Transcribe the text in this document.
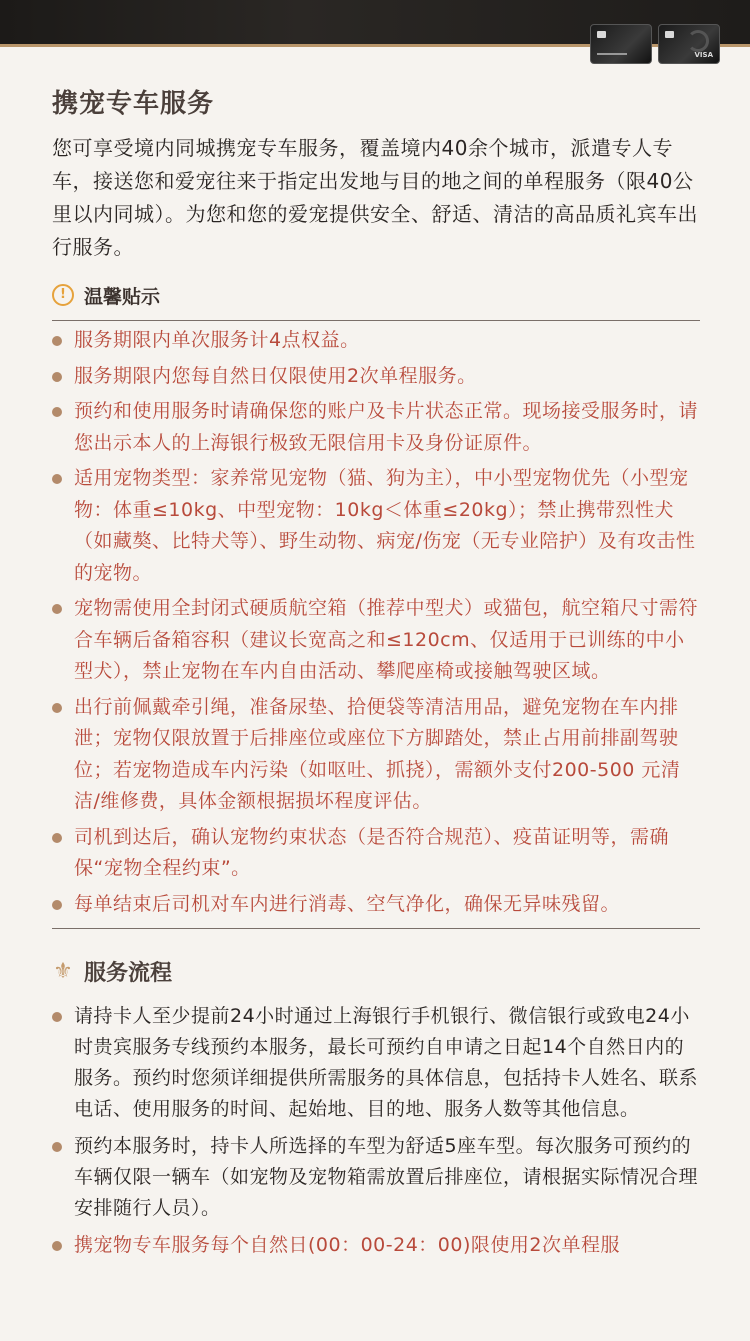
VISA
携宠专车服务

您可享受境内同城携宠专车服务，覆盖境内40余个城市，派遣专人专车，接送您和爱宠往来于指定出发地与目的地之间的单程服务（限40公里以内同城）。为您和您的爱宠提供安全、舒适、清洁的高品质礼宾车出行服务。

! 温馨贴示
服务期限内单次服务计4点权益。
服务期限内您每自然日仅限使用2次单程服务。
预约和使用服务时请确保您的账户及卡片状态正常。现场接受服务时，请您出示本人的上海银行极致无限信用卡及身份证原件。
适用宠物类型：家养常见宠物（猫、狗为主），中小型宠物优先（小型宠物：体重≤10kg、中型宠物：10kg＜体重≤20kg）；禁止携带烈性犬（如藏獒、比特犬等）、野生动物、病宠/伤宠（无专业陪护）及有攻击性的宠物。
宠物需使用全封闭式硬质航空箱（推荐中型犬）或猫包，航空箱尺寸需符合车辆后备箱容积（建议长宽高之和≤120cm、仅适用于已训练的中小型犬），禁止宠物在车内自由活动、攀爬座椅或接触驾驶区域。
出行前佩戴牵引绳，准备尿垫、拾便袋等清洁用品，避免宠物在车内排泄；宠物仅限放置于后排座位或座位下方脚踏处，禁止占用前排副驾驶位；若宠物造成车内污染（如呕吐、抓挠），需额外支付200-500 元清洁/维修费，具体金额根据损坏程度评估。
司机到达后，确认宠物约束状态（是否符合规范）、疫苗证明等，需确保“宠物全程约束”。
每单结束后司机对车内进行消毒、空气净化，确保无异味残留。
⚜ 服务流程
请持卡人至少提前24小时通过上海银行手机银行、微信银行或致电24小时贵宾服务专线预约本服务，最长可预约自申请之日起14个自然日内的服务。预约时您须详细提供所需服务的具体信息，包括持卡人姓名、联系电话、使用服务的时间、起始地、目的地、服务人数等其他信息。
预约本服务时，持卡人所选择的车型为舒适5座车型。每次服务可预约的车辆仅限一辆车（如宠物及宠物箱需放置后排座位，请根据实际情况合理安排随行人员）。
携宠物专车服务每个自然日(00：00-24：00)限使用2次单程服
